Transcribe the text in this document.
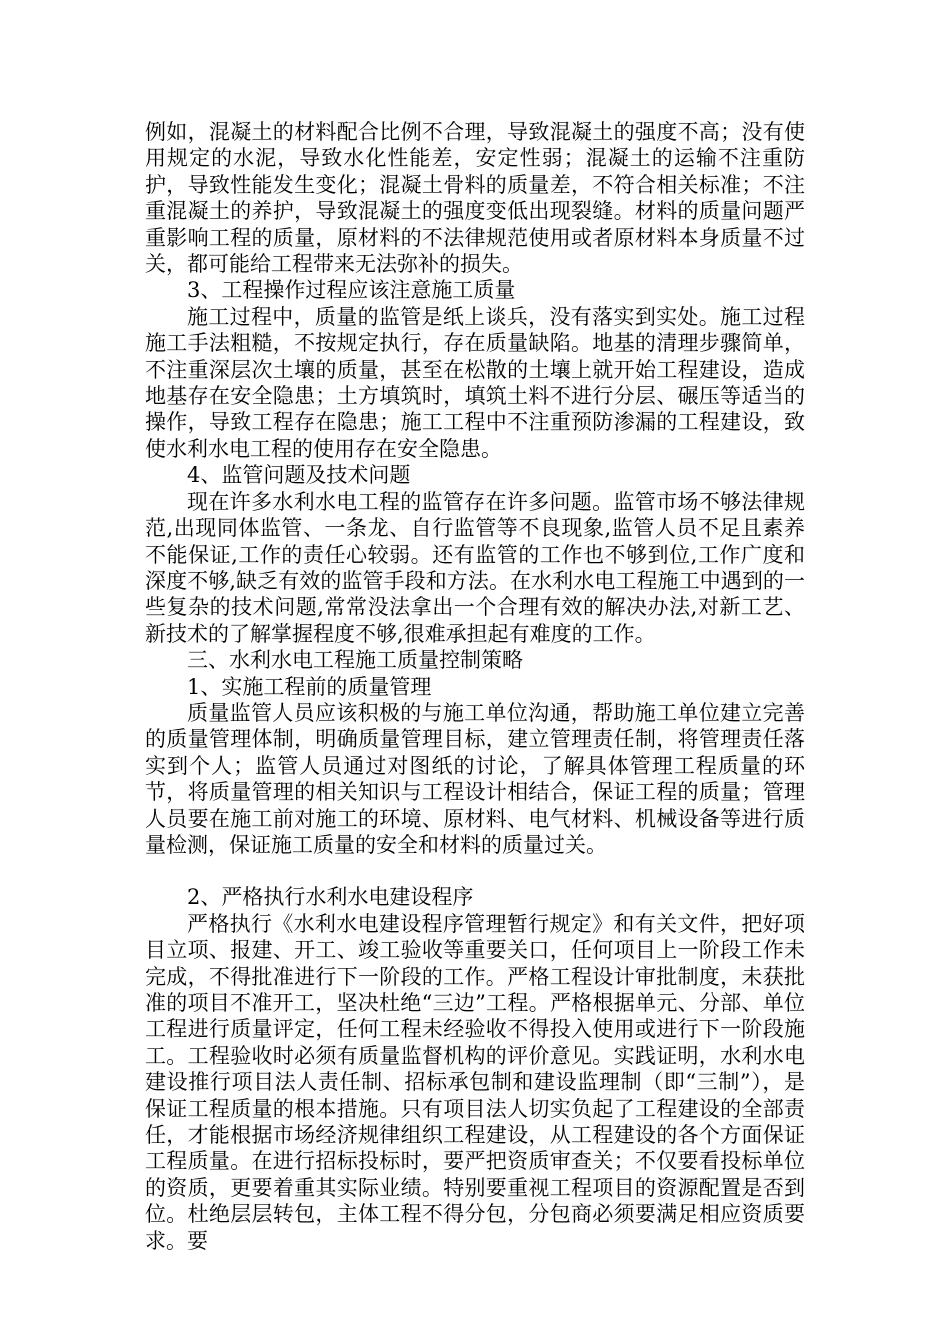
例如，混凝土的材料配合比例不合理，导致混凝土的强度不高；没有使用规定的水泥，导致水化性能差，安定性弱；混凝土的运输不注重防护，导致性能发生变化；混凝土骨料的质量差，不符合相关标准；不注重混凝土的养护，导致混凝土的强度变低出现裂缝。材料的质量问题严重影响工程的质量，原材料的不法律规范使用或者原材料本身质量不过关，都可能给工程带来无法弥补的损失。

3、工程操作过程应该注意施工质量

施工过程中，质量的监管是纸上谈兵，没有落实到实处。施工过程施工手法粗糙，不按规定执行，存在质量缺陷。地基的清理步骤简单，不注重深层次土壤的质量，甚至在松散的土壤上就开始工程建设，造成地基存在安全隐患；土方填筑时，填筑土料不进行分层、碾压等适当的操作，导致工程存在隐患；施工工程中不注重预防渗漏的工程建设，致使水利水电工程的使用存在安全隐患。

4、监管问题及技术问题

现在许多水利水电工程的监管存在许多问题。监管市场不够法律规范,出现同体监管、一条龙、自行监管等不良现象,监管人员不足且素养不能保证,工作的责任心较弱。还有监管的工作也不够到位,工作广度和深度不够,缺乏有效的监管手段和方法。在水利水电工程施工中遇到的一些复杂的技术问题,常常没法拿出一个合理有效的解决办法,对新工艺、新技术的了解掌握程度不够,很难承担起有难度的工作。

三、水利水电工程施工质量控制策略

1、实施工程前的质量管理

质量监管人员应该积极的与施工单位沟通，帮助施工单位建立完善的质量管理体制，明确质量管理目标，建立管理责任制，将管理责任落实到个人；监管人员通过对图纸的讨论，了解具体管理工程质量的环节，将质量管理的相关知识与工程设计相结合，保证工程的质量；管理人员要在施工前对施工的环境、原材料、电气材料、机械设备等进行质量检测，保证施工质量的安全和材料的质量过关。

2、严格执行水利水电建设程序

严格执行《水利水电建设程序管理暂行规定》和有关文件，把好项目立项、报建、开工、竣工验收等重要关口，任何项目上一阶段工作未完成，不得批准进行下一阶段的工作。严格工程设计审批制度，未获批准的项目不准开工，坚决杜绝“三边”工程。严格根据单元、分部、单位工程进行质量评定，任何工程未经验收不得投入使用或进行下一阶段施工。工程验收时必须有质量监督机构的评价意见。实践证明，水利水电建设推行项目法人责任制、招标承包制和建设监理制（即“三制”），是保证工程质量的根本措施。只有项目法人切实负起了工程建设的全部责任，才能根据市场经济规律组织工程建设，从工程建设的各个方面保证工程质量。在进行招标投标时，要严把资质审查关；不仅要看投标单位的资质，更要着重其实际业绩。特别要重视工程项目的资源配置是否到位。杜绝层层转包，主体工程不得分包，分包商必须要满足相应资质要求。要
